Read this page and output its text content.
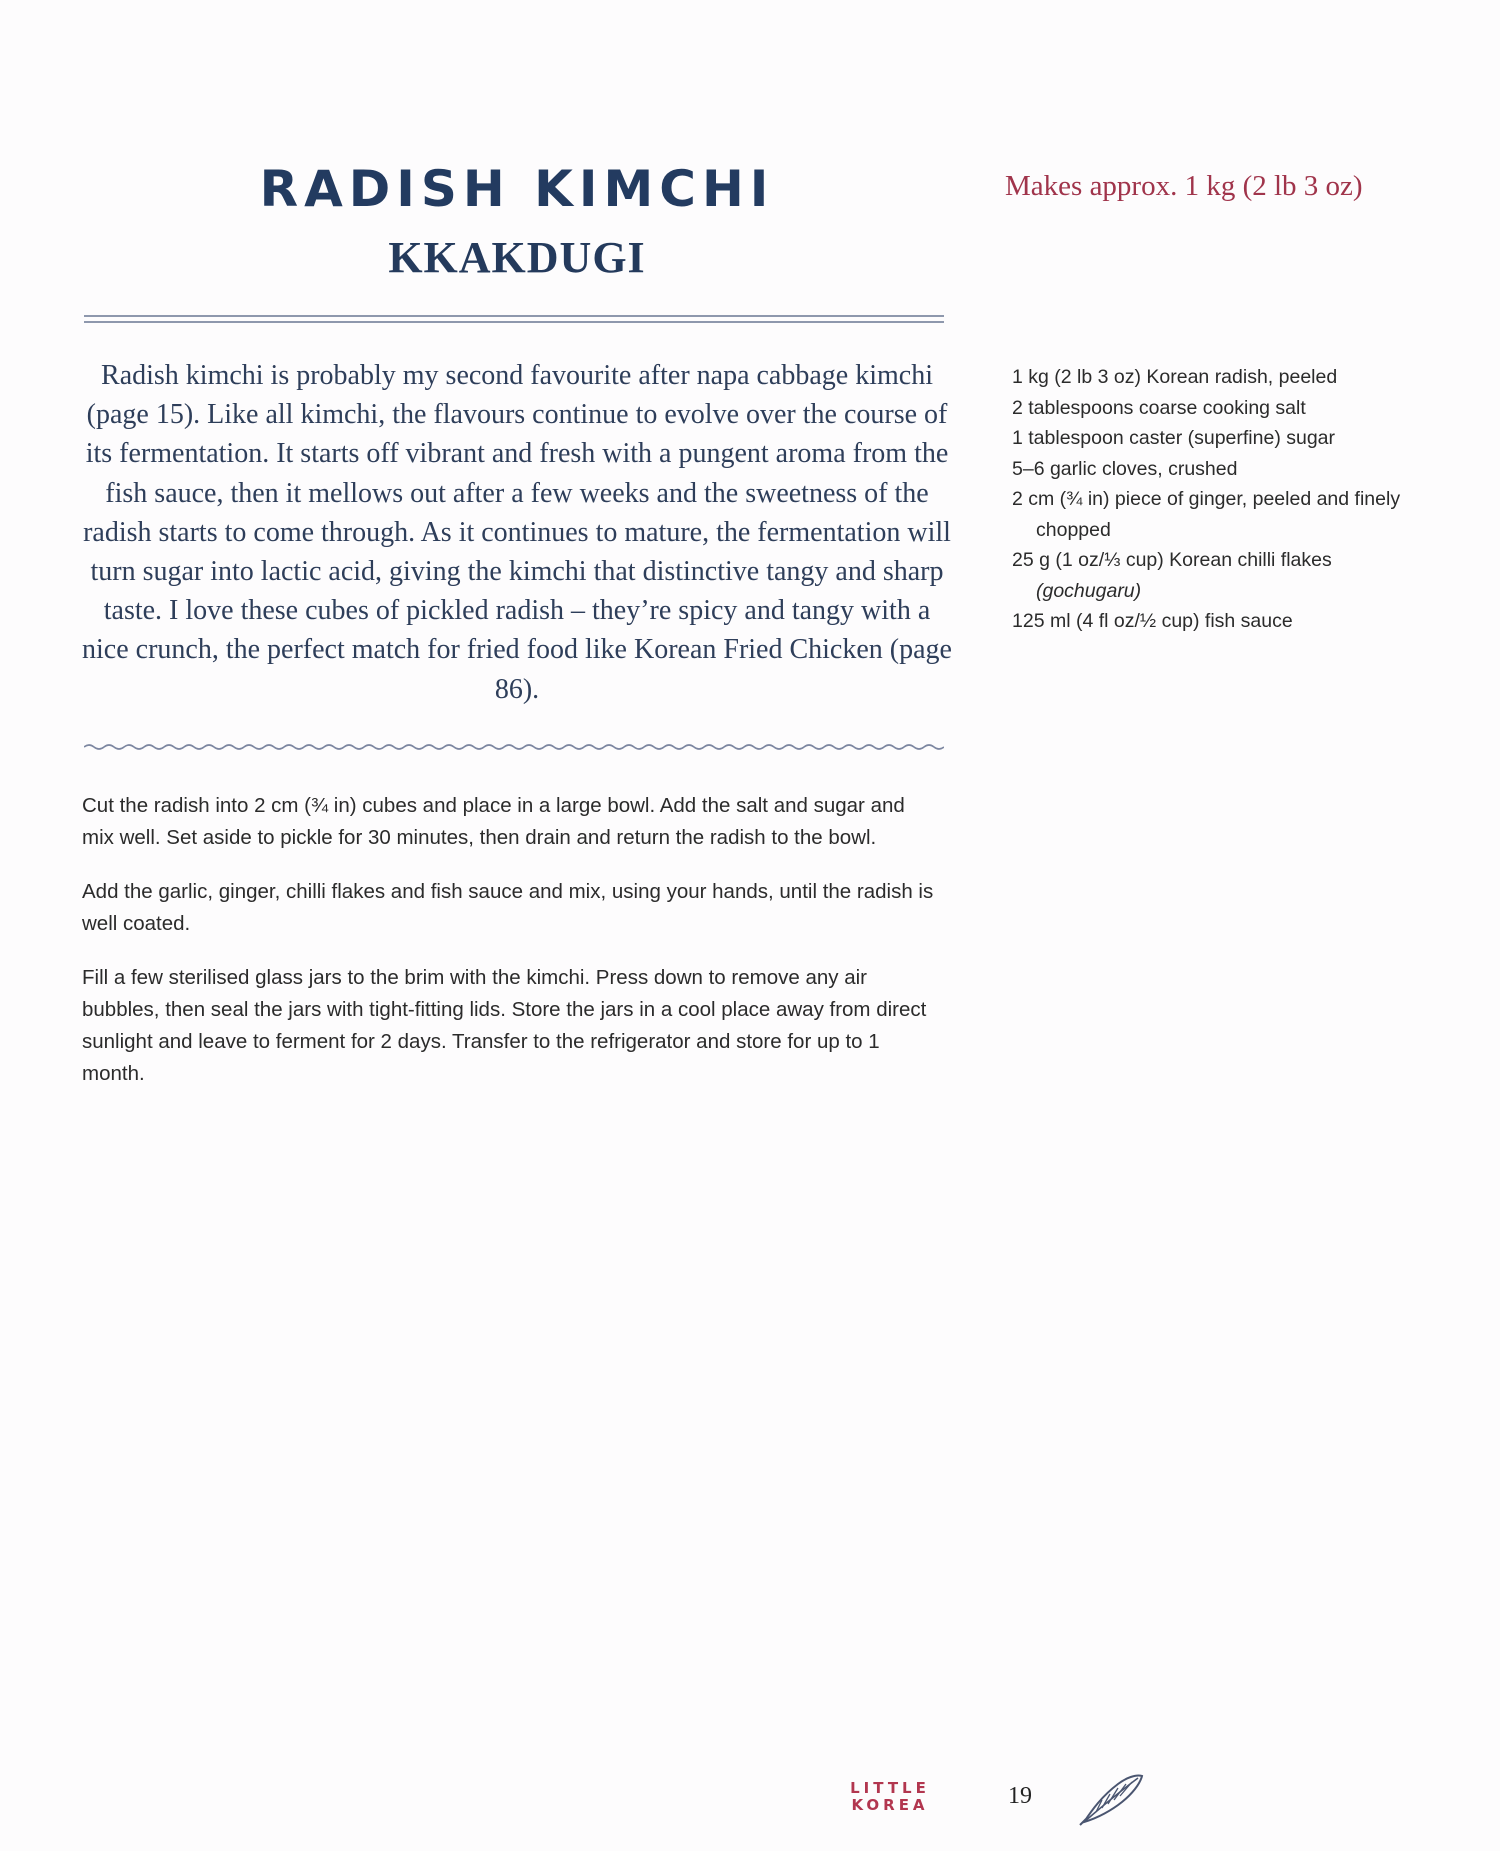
RADISH KIMCHI
KKAKDUGI

Radish kimchi is probably my second favourite after napa cabbage kimchi (page 15). Like all kimchi, the flavours continue to evolve over the course of its fermentation. It starts off vibrant and fresh with a pungent aroma from the fish sauce, then it mellows out after a few weeks and the sweetness of the radish starts to come through. As it continues to mature, the fermentation will turn sugar into lactic acid, giving the kimchi that distinctive tangy and sharp taste. I love these cubes of pickled radish – they’re spicy and tangy with a nice crunch, the perfect match for fried food like Korean Fried Chicken (page 86).

Cut the radish into 2 cm (¾ in) cubes and place in a large bowl. Add the salt and sugar and mix well. Set aside to pickle for 30 minutes, then drain and return the radish to the bowl.

Add the garlic, ginger, chilli flakes and fish sauce and mix, using your hands, until the radish is well coated.

Fill a few sterilised glass jars to the brim with the kimchi. Press down to remove any air bubbles, then seal the jars with tight-fitting lids. Store the jars in a cool place away from direct sunlight and leave to ferment for 2 days. Transfer to the refrigerator and store for up to 1 month.

Makes approx. 1 kg (2 lb 3 oz)

1 kg (2 lb 3 oz) Korean radish, peeled
2 tablespoons coarse cooking salt
1 tablespoon caster (superfine) sugar
5–6 garlic cloves, crushed
2 cm (¾ in) piece of ginger, peeled and finely chopped
25 g (1 oz/⅓ cup) Korean chilli flakes (gochugaru)
125 ml (4 fl oz/½ cup) fish sauce
LITTLE
KOREA	19
